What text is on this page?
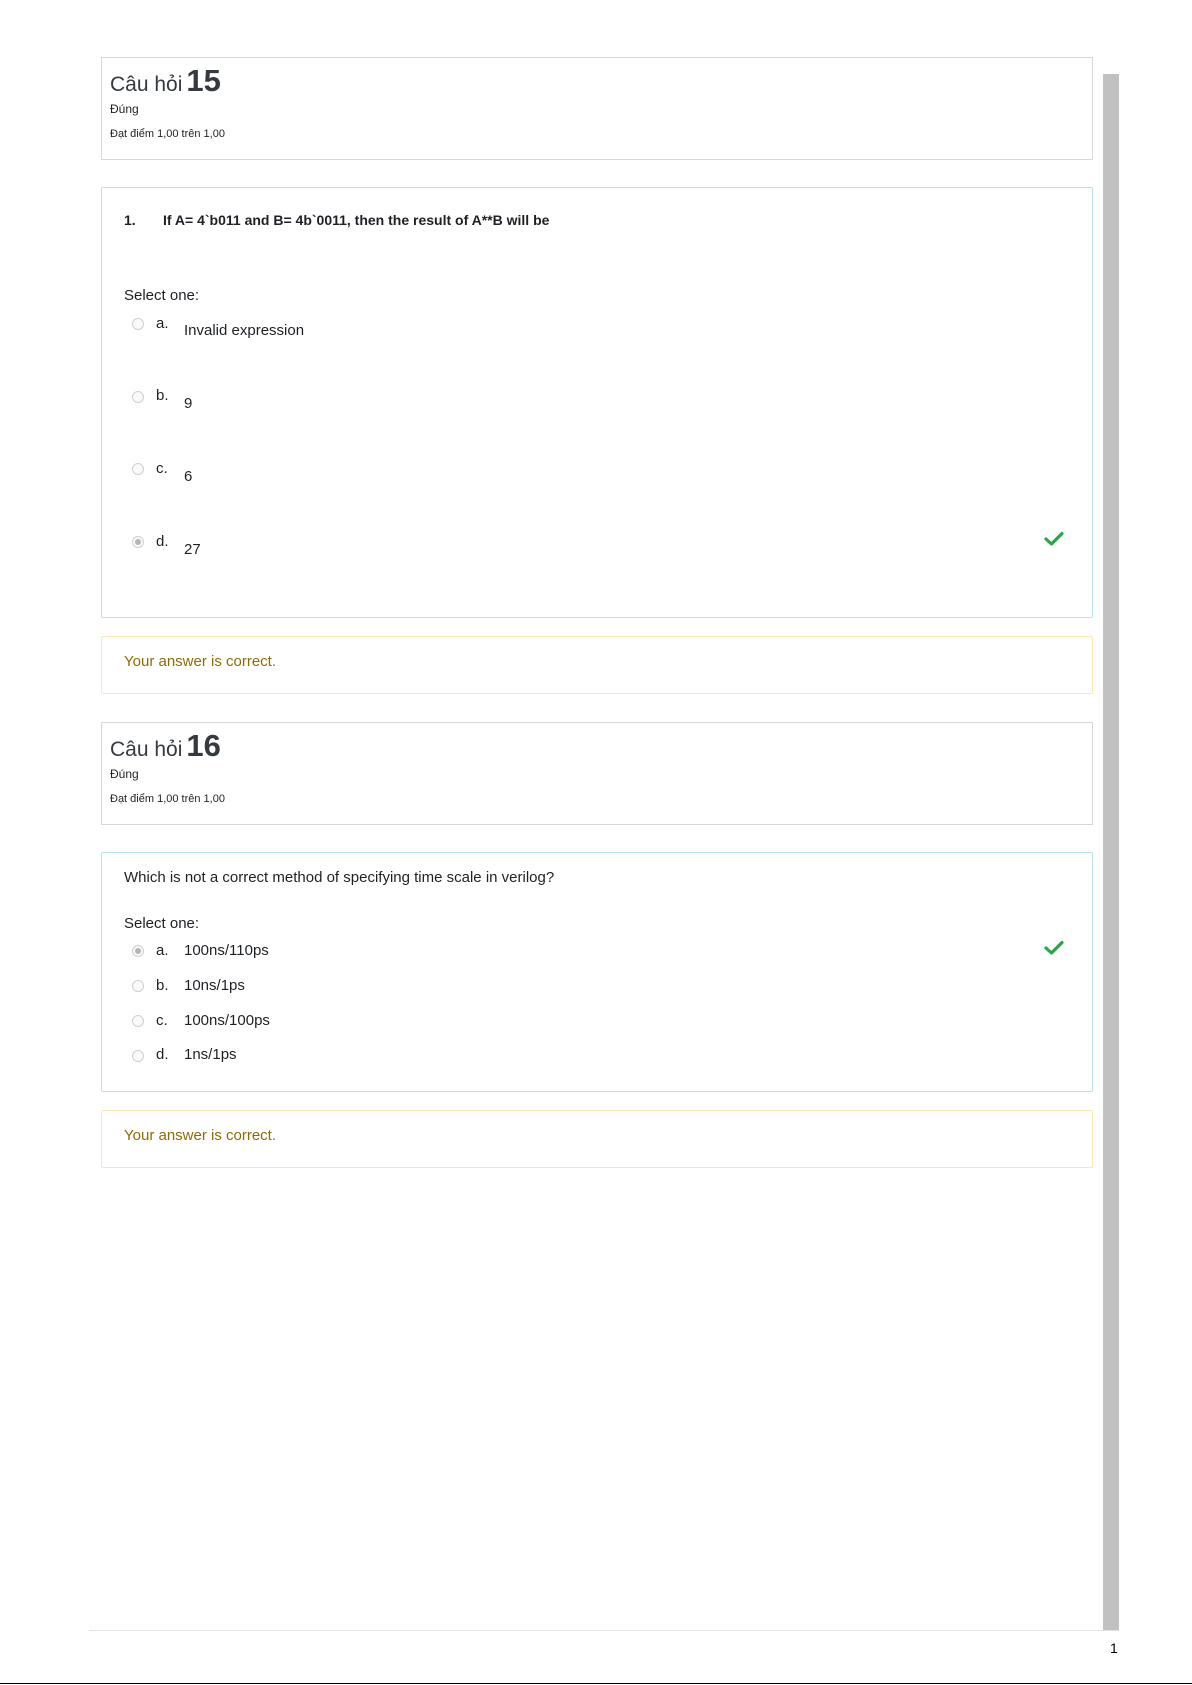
Câu hỏi 15
Đúng
Đạt điểm 1,00 trên 1,00
1. If A= 4`b011 and B= 4b`0011, then the result of A**B will be
Select one:
a. Invalid expression
b. 9
c. 6
d. 27
Your answer is correct.
Câu hỏi 16
Đúng
Đạt điểm 1,00 trên 1,00
Which is not a correct method of specifying time scale in verilog?
Select one:
a. 100ns/110ps
b. 10ns/1ps
c. 100ns/100ps
d. 1ns/1ps
Your answer is correct.
1
